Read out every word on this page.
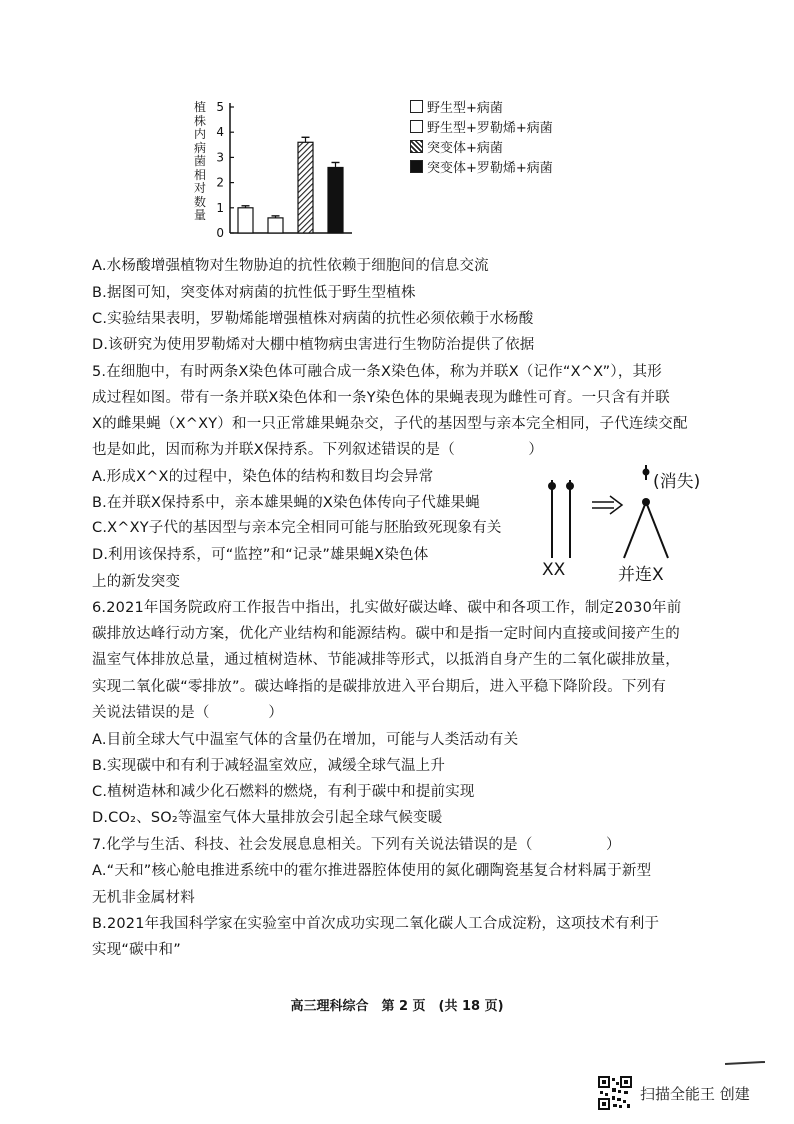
植
株
内
病
菌
相
对
数
量
5
4
3
2
1
0
野生型+病菌
野生型+罗勒烯+病菌
突变体+病菌
突变体+罗勒烯+病菌
A.水杨酸增强植物对生物胁迫的抗性依赖于细胞间的信息交流
B.据图可知，突变体对病菌的抗性低于野生型植株
C.实验结果表明，罗勒烯能增强植株对病菌的抗性必须依赖于水杨酸
D.该研究为使用罗勒烯对大棚中植物病虫害进行生物防治提供了依据
5.在细胞中，有时两条X染色体可融合成一条X染色体，称为并联X（记作“X^X”），其形
成过程如图。带有一条并联X染色体和一条Y染色体的果蝇表现为雌性可育。一只含有并联
X的雌果蝇（X^XY）和一只正常雄果蝇杂交，子代的基因型与亲本完全相同，子代连续交配
也是如此，因而称为并联X保持系。下列叙述错误的是（　　　　　）
A.形成X^X的过程中，染色体的结构和数目均会异常
B.在并联X保持系中，亲本雄果蝇的X染色体传向子代雄果蝇
C.X^XY子代的基因型与亲本完全相同可能与胚胎致死现象有关
D.利用该保持系，可“监控”和“记录”雄果蝇X染色体
上的新发突变
(消失)
XX	并连X
6.2021年国务院政府工作报告中指出，扎实做好碳达峰、碳中和各项工作，制定2030年前
碳排放达峰行动方案，优化产业结构和能源结构。碳中和是指一定时间内直接或间接产生的
温室气体排放总量，通过植树造林、节能减排等形式，以抵消自身产生的二氧化碳排放量，
实现二氧化碳“零排放”。碳达峰指的是碳排放进入平台期后，进入平稳下降阶段。下列有
关说法错误的是（　　　　）
A.目前全球大气中温室气体的含量仍在增加，可能与人类活动有关
B.实现碳中和有利于减轻温室效应，减缓全球气温上升
C.植树造林和减少化石燃料的燃烧，有利于碳中和提前实现
D.CO₂、SO₂等温室气体大量排放会引起全球气候变暖
7.化学与生活、科技、社会发展息息相关。下列有关说法错误的是（　　　　　）
A.“天和”核心舱电推进系统中的霍尔推进器腔体使用的氮化硼陶瓷基复合材料属于新型
无机非金属材料
B.2021年我国科学家在实验室中首次成功实现二氧化碳人工合成淀粉，这项技术有利于
实现“碳中和”
高三理科综合　第 2 页　(共 18 页)
扫描全能王 创建
